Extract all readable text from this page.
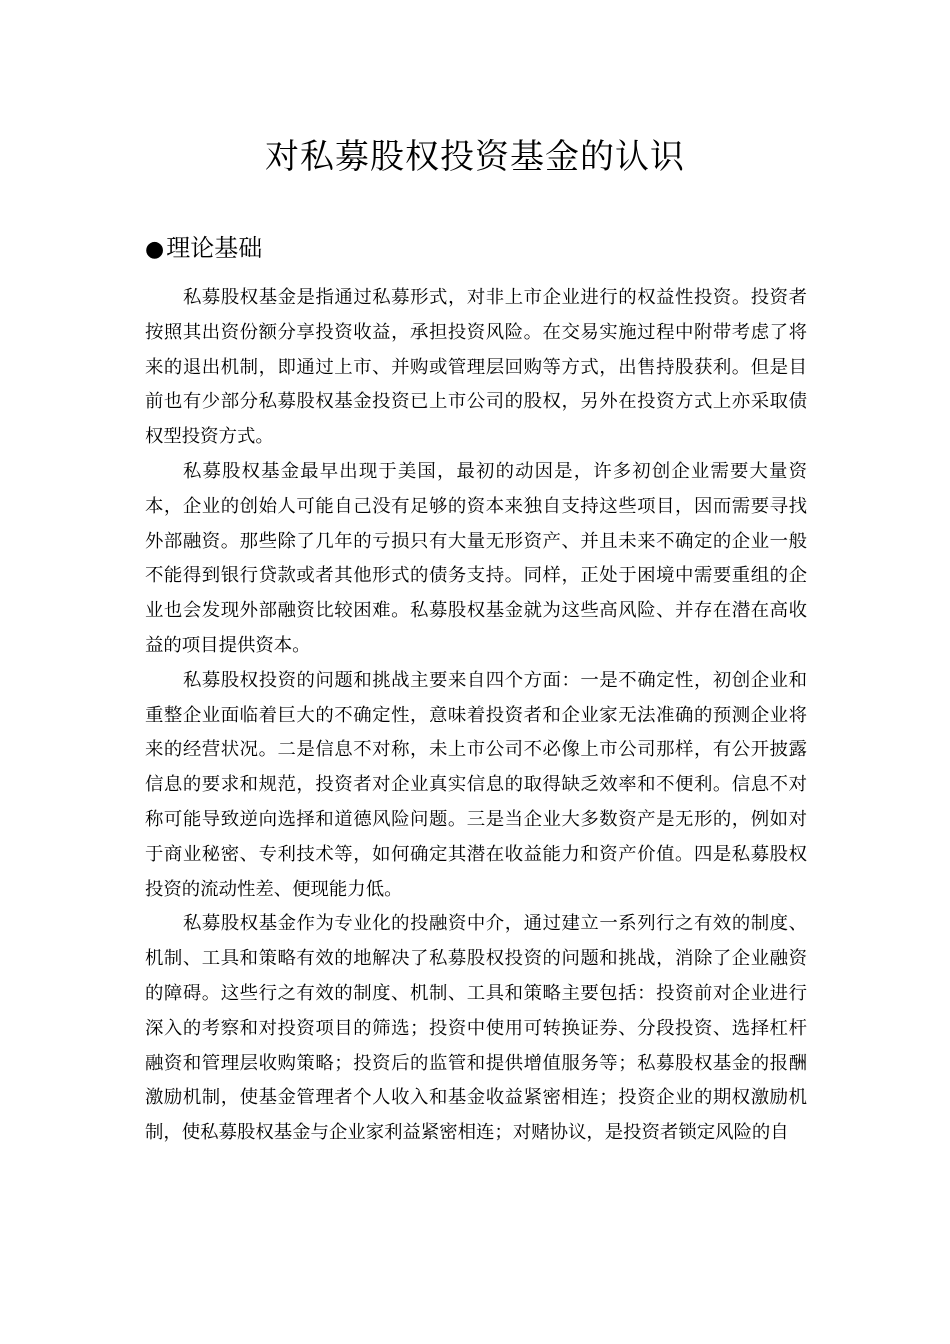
对私募股权投资基金的认识
●理论基础

私募股权基金是指通过私募形式，对非上市企业进行的权益性投资。投资者按照其出资份额分享投资收益，承担投资风险。在交易实施过程中附带考虑了将来的退出机制，即通过上市、并购或管理层回购等方式，出售持股获利。但是目前也有少部分私募股权基金投资已上市公司的股权，另外在投资方式上亦采取债权型投资方式。

私募股权基金最早出现于美国，最初的动因是，许多初创企业需要大量资本，企业的创始人可能自己没有足够的资本来独自支持这些项目，因而需要寻找外部融资。那些除了几年的亏损只有大量无形资产、并且未来不确定的企业一般不能得到银行贷款或者其他形式的债务支持。同样，正处于困境中需要重组的企业也会发现外部融资比较困难。私募股权基金就为这些高风险、并存在潜在高收益的项目提供资本。

私募股权投资的问题和挑战主要来自四个方面：一是不确定性，初创企业和重整企业面临着巨大的不确定性，意味着投资者和企业家无法准确的预测企业将来的经营状况。二是信息不对称，未上市公司不必像上市公司那样，有公开披露信息的要求和规范，投资者对企业真实信息的取得缺乏效率和不便利。信息不对称可能导致逆向选择和道德风险问题。三是当企业大多数资产是无形的，例如对于商业秘密、专利技术等，如何确定其潜在收益能力和资产价值。四是私募股权投资的流动性差、便现能力低。

私募股权基金作为专业化的投融资中介，通过建立一系列行之有效的制度、机制、工具和策略有效的地解决了私募股权投资的问题和挑战，消除了企业融资的障碍。这些行之有效的制度、机制、工具和策略主要包括：投资前对企业进行深入的考察和对投资项目的筛选；投资中使用可转换证券、分段投资、选择杠杆融资和管理层收购策略；投资后的监管和提供增值服务等；私募股权基金的报酬激励机制，使基金管理者个人收入和基金收益紧密相连；投资企业的期权激励机制，使私募股权基金与企业家利益紧密相连；对赌协议，是投资者锁定风险的自
